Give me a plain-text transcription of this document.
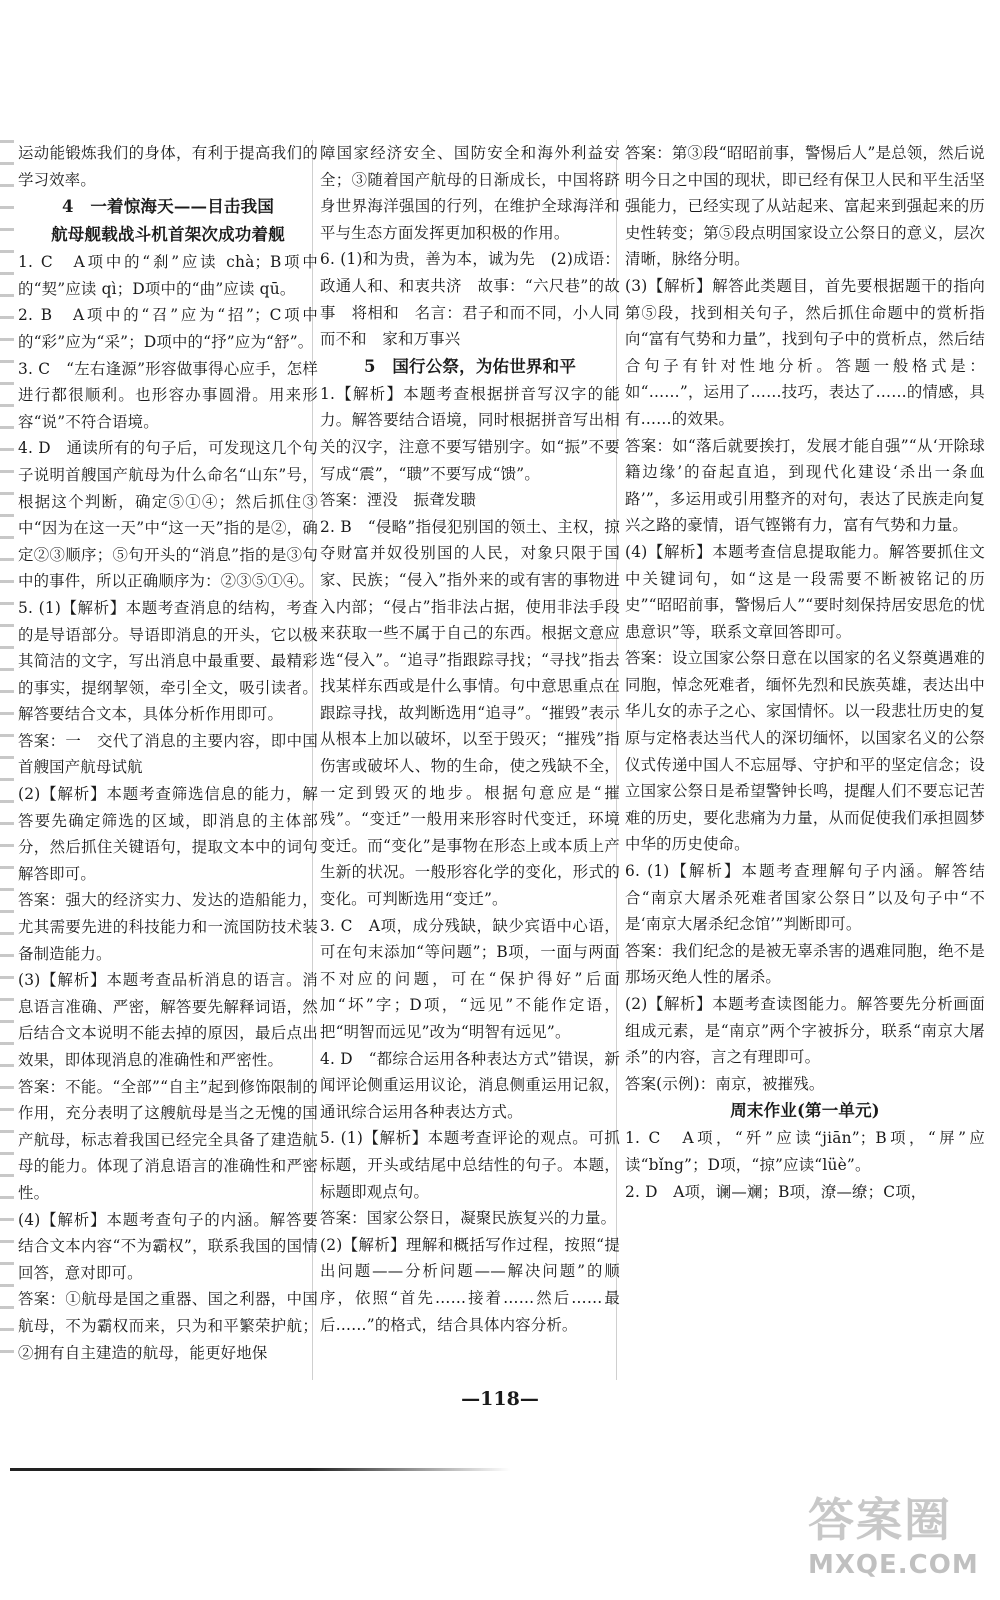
运动能锻炼我们的身体，有利于提高我们的学习效率。

4　一着惊海天——目击我国

航母舰载战斗机首架次成功着舰

1. C　A项中的“刹”应读 chà；B项中的“契”应读 qì；D项中的“曲”应读 qū。

2. B　A项中的“召”应为“招”；C项中的“彩”应为“采”；D项中的“抒”应为“舒”。

3. C　“左右逢源”形容做事得心应手，怎样进行都很顺利。也形容办事圆滑。用来形容“说”不符合语境。

4. D　通读所有的句子后，可发现这几个句子说明首艘国产航母为什么命名“山东”号，根据这个判断，确定⑤①④；然后抓住③中“因为在这一天”中“这一天”指的是②，确定②③顺序；⑤句开头的“消息”指的是③句中的事件，所以正确顺序为：②③⑤①④。

5. (1)【解析】本题考查消息的结构，考查的是导语部分。导语即消息的开头，它以极其简洁的文字，写出消息中最重要、最精彩的事实，提纲挈领，牵引全文，吸引读者。解答要结合文本，具体分析作用即可。

答案：一　交代了消息的主要内容，即中国首艘国产航母试航

(2)【解析】本题考查筛选信息的能力，解答要先确定筛选的区域，即消息的主体部分，然后抓住关键语句，提取文本中的词句解答即可。

答案：强大的经济实力、发达的造船能力，尤其需要先进的科技能力和一流国防技术装备制造能力。

(3)【解析】本题考查品析消息的语言。消息语言准确、严密，解答要先解释词语，然后结合文本说明不能去掉的原因，最后点出效果，即体现消息的准确性和严密性。

答案：不能。“全部”“自主”起到修饰限制的作用，充分表明了这艘航母是当之无愧的国产航母，标志着我国已经完全具备了建造航母的能力。体现了消息语言的准确性和严密性。

(4)【解析】本题考查句子的内涵。解答要结合文本内容“不为霸权”，联系我国的国情回答，意对即可。

答案：①航母是国之重器、国之利器，中国航母，不为霸权而来，只为和平繁荣护航；②拥有自主建造的航母，能更好地保

障国家经济安全、国防安全和海外利益安全；③随着国产航母的日渐成长，中国将跻身世界海洋强国的行列，在维护全球海洋和平与生态方面发挥更加积极的作用。

6. (1)和为贵，善为本，诚为先　(2)成语：政通人和、和衷共济　故事：“六尺巷”的故事　将相和　名言：君子和而不同，小人同而不和　家和万事兴

5　国行公祭，为佑世界和平

1.【解析】本题考查根据拼音写汉字的能力。解答要结合语境，同时根据拼音写出相关的汉字，注意不要写错别字。如“振”不要写成“震”，“聩”不要写成“馈”。

答案：湮没　振聋发聩

2. B　“侵略”指侵犯别国的领土、主权，掠夺财富并奴役别国的人民，对象只限于国家、民族；“侵入”指外来的或有害的事物进入内部；“侵占”指非法占据，使用非法手段来获取一些不属于自己的东西。根据文意应选“侵入”。“追寻”指跟踪寻找；“寻找”指去找某样东西或是什么事情。句中意思重点在跟踪寻找，故判断选用“追寻”。“摧毁”表示从根本上加以破坏，以至于毁灭；“摧残”指伤害或破坏人、物的生命，使之残缺不全，一定到毁灭的地步。根据句意应是“摧残”。“变迁”一般用来形容时代变迁，环境变迁。而“变化”是事物在形态上或本质上产生新的状况。一般形容化学的变化，形式的变化。可判断选用“变迁”。

3. C　A项，成分残缺，缺少宾语中心语，可在句末添加“等问题”；B项，一面与两面不对应的问题，可在“保护得好”后面加“坏”字；D项，“远见”不能作定语，把“明智而远见”改为“明智有远见”。

4. D　“都综合运用各种表达方式”错误，新闻评论侧重运用议论，消息侧重运用记叙，通讯综合运用各种表达方式。

5. (1)【解析】本题考查评论的观点。可抓标题，开头或结尾中总结性的句子。本题，标题即观点句。

答案：国家公祭日，凝聚民族复兴的力量。

(2)【解析】理解和概括写作过程，按照“提出问题——分析问题——解决问题”的顺序，依照“首先……接着……然后……最后……”的格式，结合具体内容分析。

答案：第③段“昭昭前事，警惕后人”是总领，然后说明今日之中国的现状，即已经有保卫人民和平生活坚强能力，已经实现了从站起来、富起来到强起来的历史性转变；第⑤段点明国家设立公祭日的意义，层次清晰，脉络分明。

(3)【解析】解答此类题目，首先要根据题干的指向第⑤段，找到相关句子，然后抓住命题中的赏析指向“富有气势和力量”，找到句子中的赏析点，然后结合句子有针对性地分析。答题一般格式是：如“……”，运用了……技巧，表达了……的情感，具有……的效果。

答案：如“落后就要挨打，发展才能自强”“从‘开除球籍边缘’的奋起直追，到现代化建设‘杀出一条血路’”，多运用或引用整齐的对句，表达了民族走向复兴之路的豪情，语气铿锵有力，富有气势和力量。

(4)【解析】本题考查信息提取能力。解答要抓住文中关键词句，如“这是一段需要不断被铭记的历史”“昭昭前事，警惕后人”“要时刻保持居安思危的忧患意识”等，联系文章回答即可。

答案：设立国家公祭日意在以国家的名义祭奠遇难的同胞，悼念死难者，缅怀先烈和民族英雄，表达出中华儿女的赤子之心、家国情怀。以一段悲壮历史的复原与定格表达当代人的深切缅怀，以国家名义的公祭仪式传递中国人不忘屈辱、守护和平的坚定信念；设立国家公祭日是希望警钟长鸣，提醒人们不要忘记苦难的历史，要化悲痛为力量，从而促使我们承担圆梦中华的历史使命。

6. (1)【解析】本题考查理解句子内涵。解答结合“南京大屠杀死难者国家公祭日”以及句子中“不是‘南京大屠杀纪念馆’”判断即可。

答案：我们纪念的是被无辜杀害的遇难同胞，绝不是那场灭绝人性的屠杀。

(2)【解析】本题考查读图能力。解答要先分析画面组成元素，是“南京”两个字被拆分，联系“南京大屠杀”的内容，言之有理即可。

答案(示例)：南京，被摧残。

周末作业(第一单元)

1. C　A项，“歼”应读“jiān”；B项，“屏”应读“bǐng”；D项，“掠”应读“lüè”。

2. D　A项，谰—斓；B项，潦—缭；C项，

—118—
答案圈
MXQE.COM
